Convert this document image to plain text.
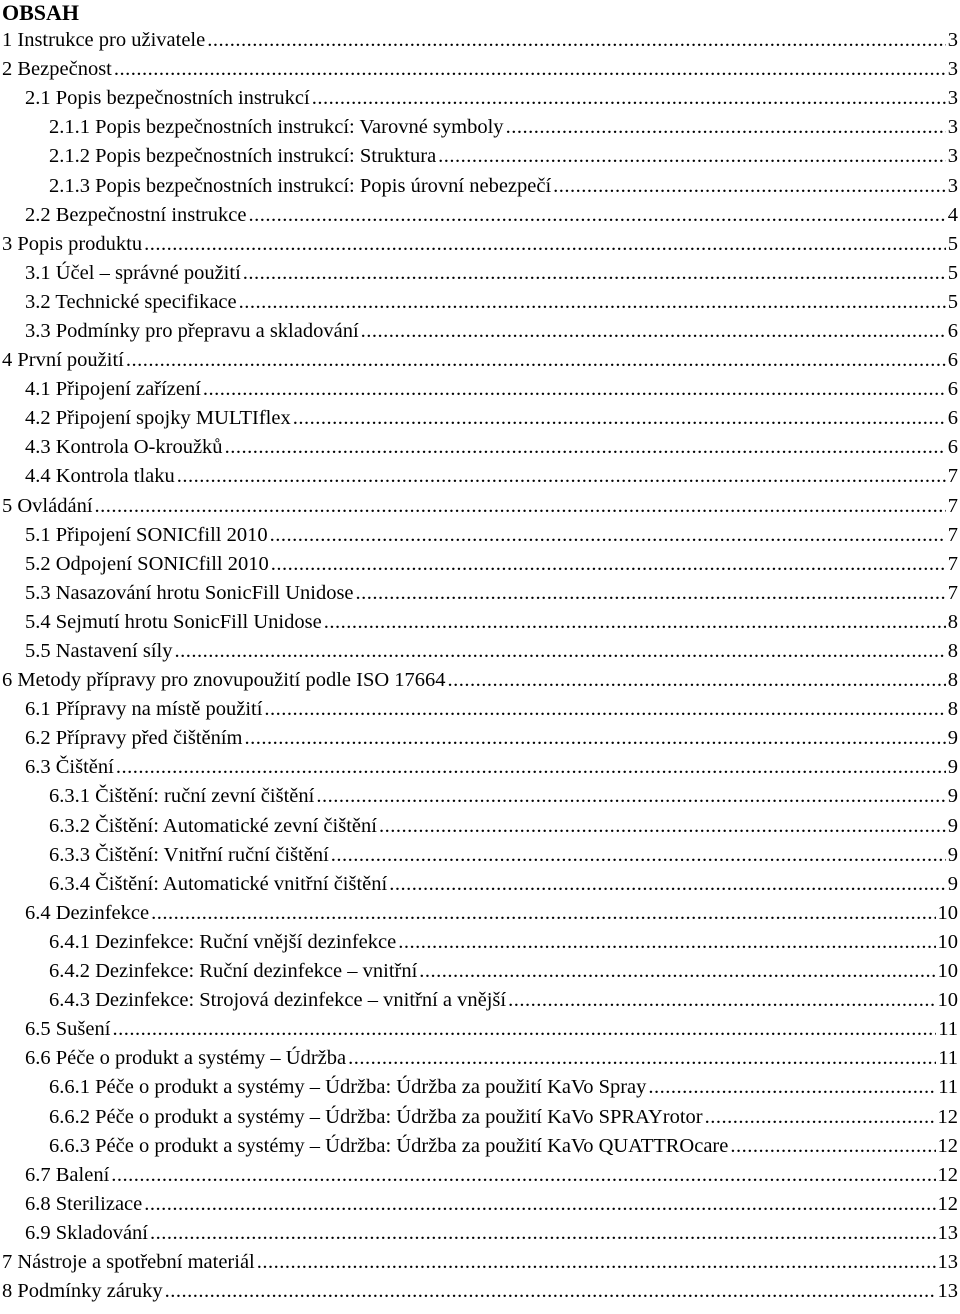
OBSAH
1 Instrukce pro uživatele .....	3
2 Bezpečnost .....	3
2.1 Popis bezpečnostních instrukcí .....	3
2.1.1 Popis bezpečnostních instrukcí: Varovné symboly .....	3
2.1.2 Popis bezpečnostních instrukcí: Struktura .....	3
2.1.3 Popis bezpečnostních instrukcí: Popis úrovní nebezpečí .....	3
2.2 Bezpečnostní instrukce .....	4
3 Popis produktu .....	5
3.1 Účel – správné použití .....	5
3.2 Technické specifikace .....	5
3.3 Podmínky pro přepravu a skladování .....	6
4 První použití .....	6
4.1 Připojení zařízení .....	6
4.2 Připojení spojky MULTIflex .....	6
4.3 Kontrola O-kroužků .....	6
4.4 Kontrola tlaku .....	7
5 Ovládání .....	7
5.1 Připojení SONICfill 2010 .....	7
5.2 Odpojení SONICfill 2010 .....	7
5.3 Nasazování hrotu SonicFill Unidose .....	7
5.4 Sejmutí hrotu SonicFill Unidose .....	8
5.5 Nastavení síly .....	8
6 Metody přípravy pro znovupoužití podle ISO 17664 .....	8
6.1 Přípravy na místě použití .....	8
6.2 Přípravy před čištěním .....	9
6.3 Čištění .....	9
6.3.1 Čištění: ruční zevní čištění .....	9
6.3.2 Čištění: Automatické zevní čištění .....	9
6.3.3 Čištění: Vnitřní ruční čištění .....	9
6.3.4 Čištění: Automatické vnitřní čištění .....	9
6.4 Dezinfekce .....	10
6.4.1 Dezinfekce: Ruční vnější dezinfekce .....	10
6.4.2 Dezinfekce: Ruční dezinfekce – vnitřní .....	10
6.4.3 Dezinfekce: Strojová dezinfekce – vnitřní a vnější .....	10
6.5 Sušení .....	11
6.6 Péče o produkt a systémy – Údržba .....	11
6.6.1 Péče o produkt a systémy – Údržba: Údržba za použití KaVo Spray .....	11
6.6.2 Péče o produkt a systémy – Údržba: Údržba za použití KaVo SPRAYrotor .....	12
6.6.3 Péče o produkt a systémy – Údržba: Údržba za použití KaVo QUATTROcare .....	12
6.7 Balení .....	12
6.8 Sterilizace .....	12
6.9 Skladování .....	13
7 Nástroje a spotřební materiál .....	13
8 Podmínky záruky .....	13
